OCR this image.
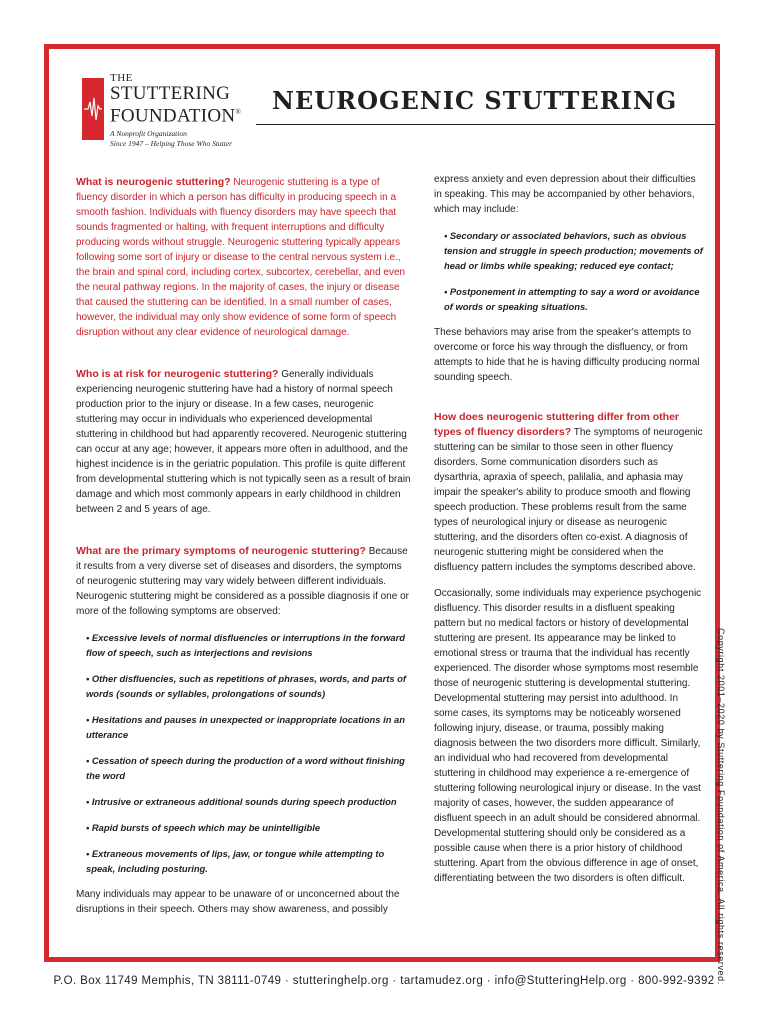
THE
STUTTERING
FOUNDATION®
A Nonprofit Organization
Since 1947 – Helping Those Who Stutter
NEUROGENIC STUTTERING

What is neurogenic stuttering? Neurogenic stuttering is a type of fluency disorder in which a person has difficulty in producing speech in a smooth fashion. Individuals with fluency disorders may have speech that sounds fragmented or halting, with frequent interruptions and difficulty producing words without struggle. Neurogenic stuttering typically appears following some sort of injury or disease to the central nervous system i.e., the brain and spinal cord, including cortex, subcortex, cerebellar, and even the neural pathway regions. In the majority of cases, the injury or disease that caused the stuttering can be identified. In a small number of cases, however, the individual may only show evidence of some form of speech disruption without any clear evidence of neurological damage.

Who is at risk for neurogenic stuttering? Generally individuals experiencing neurogenic stuttering have had a history of normal speech production prior to the injury or disease. In a few cases, neurogenic stuttering may occur in individuals who experienced developmental stuttering in childhood but had apparently recovered. Neurogenic stuttering can occur at any age; however, it appears more often in adulthood, and the highest incidence is in the geriatric population. This profile is quite different from developmental stuttering which is not typically seen as a result of brain damage and which most commonly appears in early childhood in children between 2 and 5 years of age.

What are the primary symptoms of neurogenic stuttering? Because it results from a very diverse set of diseases and disorders, the symptoms of neurogenic stuttering may vary widely between different individuals. Neurogenic stuttering might be considered as a possible diagnosis if one or more of the following symptoms are observed:

• Excessive levels of normal disfluencies or interruptions in the forward flow of speech, such as interjections and revisions

• Other disfluencies, such as repetitions of phrases, words, and parts of words (sounds or syllables, prolongations of sounds)

• Hesitations and pauses in unexpected or inappropriate locations in an utterance

• Cessation of speech during the production of a word without finishing the word

• Intrusive or extraneous additional sounds during speech production

• Rapid bursts of speech which may be unintelligible

• Extraneous movements of lips, jaw, or tongue while attempting to speak, including posturing.

Many individuals may appear to be unaware of or unconcerned about the disruptions in their speech. Others may show awareness, and possibly

express anxiety and even depression about their difficulties in speaking. This may be accompanied by other behaviors, which may include:

• Secondary or associated behaviors, such as obvious tension and struggle in speech production; movements of head or limbs while speaking; reduced eye contact;

• Postponement in attempting to say a word or avoidance of words or speaking situations.

These behaviors may arise from the speaker's attempts to overcome or force his way through the disfluency, or from attempts to hide that he is having difficulty producing normal sounding speech.

How does neurogenic stuttering differ from other types of fluency disorders? The symptoms of neurogenic stuttering can be similar to those seen in other fluency disorders. Some communication disorders such as dysarthria, apraxia of speech, palilalia, and aphasia may impair the speaker's ability to produce smooth and flowing speech production. These problems result from the same types of neurological injury or disease as neurogenic stuttering, and the disorders often co-exist. A diagnosis of neurogenic stuttering might be considered when the disfluency pattern includes the symptoms described above.

Occasionally, some individuals may experience psychogenic disfluency. This disorder results in a disfluent speaking pattern but no medical factors or history of developmental stuttering are present. Its appearance may be linked to emotional stress or trauma that the individual has recently experienced. The disorder whose symptoms most resemble those of neurogenic stuttering is developmental stuttering. Developmental stuttering may persist into adulthood. In some cases, its symptoms may be noticeably worsened following injury, disease, or trauma, possibly making diagnosis between the two disorders more difficult. Similarly, an individual who had recovered from developmental stuttering in childhood may experience a re-emergence of stuttering following neurological injury or disease. In the vast majority of cases, however, the sudden appearance of disfluent speech in an adult should be considered abnormal. Developmental stuttering should only be considered as a possible cause when there is a prior history of childhood stuttering. Apart from the obvious difference in age of onset, differentiating between the two disorders is often difficult.	Copyright 2001–2020 by Stuttering Foundation of America. All rights reserved.
P.O. Box 11749 Memphis, TN 38111-0749 · stutteringhelp.org · tartamudez.org · info@StutteringHelp.org · 800-992-9392
